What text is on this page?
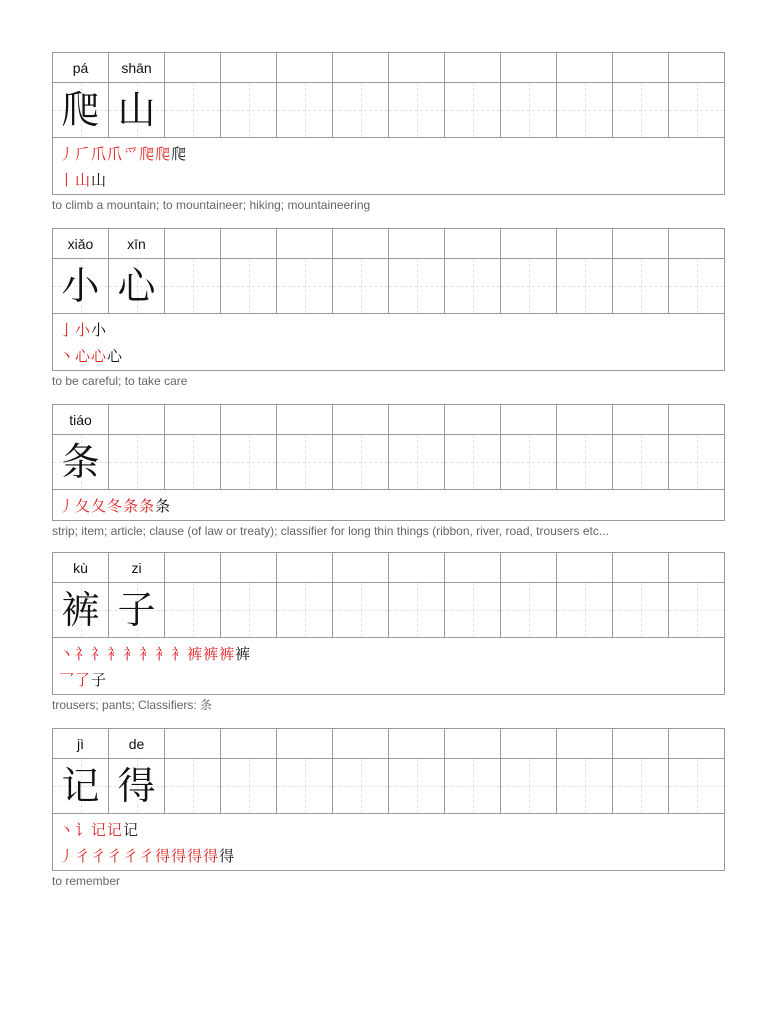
pá	shān
爬 山
丿 𠂆 爪 爪 爫 爬 爬 爬
丨 山 山
to climb a mountain; to mountaineer; hiking; mountaineering
xiǎo	xīn
小 心
亅 小 小
丶 心 心 心
to be careful; to take care
tiáo
条
丿 夂 夂 冬 条 条 条
strip; item; article; clause (of law or treaty); classifier for long thin things (ribbon, river, road, trousers etc...
kù	zi
裤 子
丶 礻 礻 衤 衤 衤 衤 衤 裤 裤 裤 裤
乛 了 子
trousers; pants; Classifiers: 条
jì	de
记 得
丶 讠 记 记 记
丿 彳 彳 彳 彳 彳 得 得 得 得 得
to remember
